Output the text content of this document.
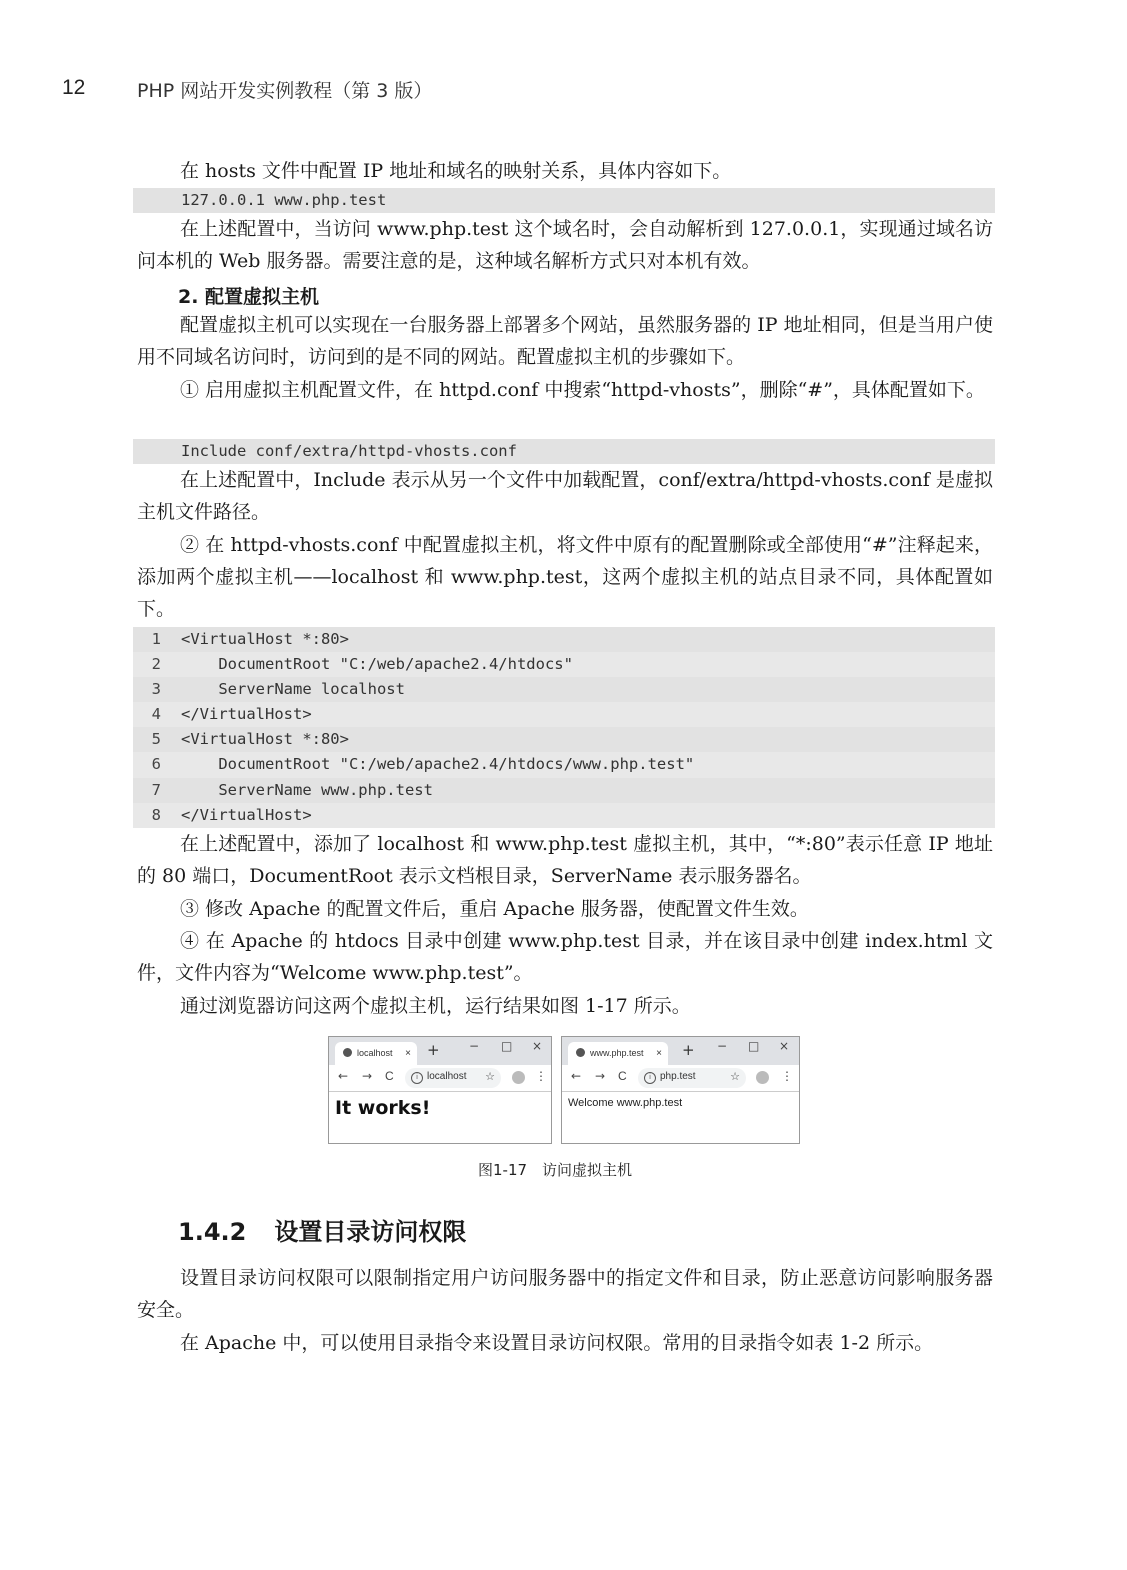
12	PHP 网站开发实例教程（第 3 版）
在 hosts 文件中配置 IP 地址和域名的映射关系，具体内容如下。
127.0.0.1 www.php.test
在上述配置中，当访问 www.php.test 这个域名时，会自动解析到 127.0.0.1，实现通过域名访问本机的 Web 服务器。需要注意的是，这种域名解析方式只对本机有效。
2. 配置虚拟主机
配置虚拟主机可以实现在一台服务器上部署多个网站，虽然服务器的 IP 地址相同，但是当用户使用不同域名访问时，访问到的是不同的网站。配置虚拟主机的步骤如下。
① 启用虚拟主机配置文件，在 httpd.conf 中搜索“httpd-vhosts”，删除“#”，具体配置如下。
Include conf/extra/httpd-vhosts.conf
在上述配置中，Include 表示从另一个文件中加载配置，conf/extra/httpd-vhosts.conf 是虚拟主机文件路径。
② 在 httpd-vhosts.conf 中配置虚拟主机，将文件中原有的配置删除或全部使用“#”注释起来，添加两个虚拟主机——localhost 和 www.php.test，这两个虚拟主机的站点目录不同，具体配置如下。
1 <VirtualHost *:80>
2 DocumentRoot "C:/web/apache2.4/htdocs"
3 ServerName localhost
4 </VirtualHost>
5 <VirtualHost *:80>
6 DocumentRoot "C:/web/apache2.4/htdocs/www.php.test"
7 ServerName www.php.test
8 </VirtualHost>
在上述配置中，添加了 localhost 和 www.php.test 虚拟主机，其中，“*:80”表示任意 IP 地址的 80 端口，DocumentRoot 表示文档根目录，ServerName 表示服务器名。
③ 修改 Apache 的配置文件后，重启 Apache 服务器，使配置文件生效。
④ 在 Apache 的 htdocs 目录中创建 www.php.test 目录，并在该目录中创建 index.html 文件，文件内容为“Welcome www.php.test”。
通过浏览器访问这两个虚拟主机，运行结果如图 1-17 所示。
localhost × + − □ ×
← → C	i localhost ☆	⋮
It works!
www.php.test × + − □ ×
← → C	i php.test	☆	⋮
Welcome www.php.test
图1-17　访问虚拟主机
1.4.2 设置目录访问权限
设置目录访问权限可以限制指定用户访问服务器中的指定文件和目录，防止恶意访问影响服务器安全。
在 Apache 中，可以使用目录指令来设置目录访问权限。常用的目录指令如表 1-2 所示。
